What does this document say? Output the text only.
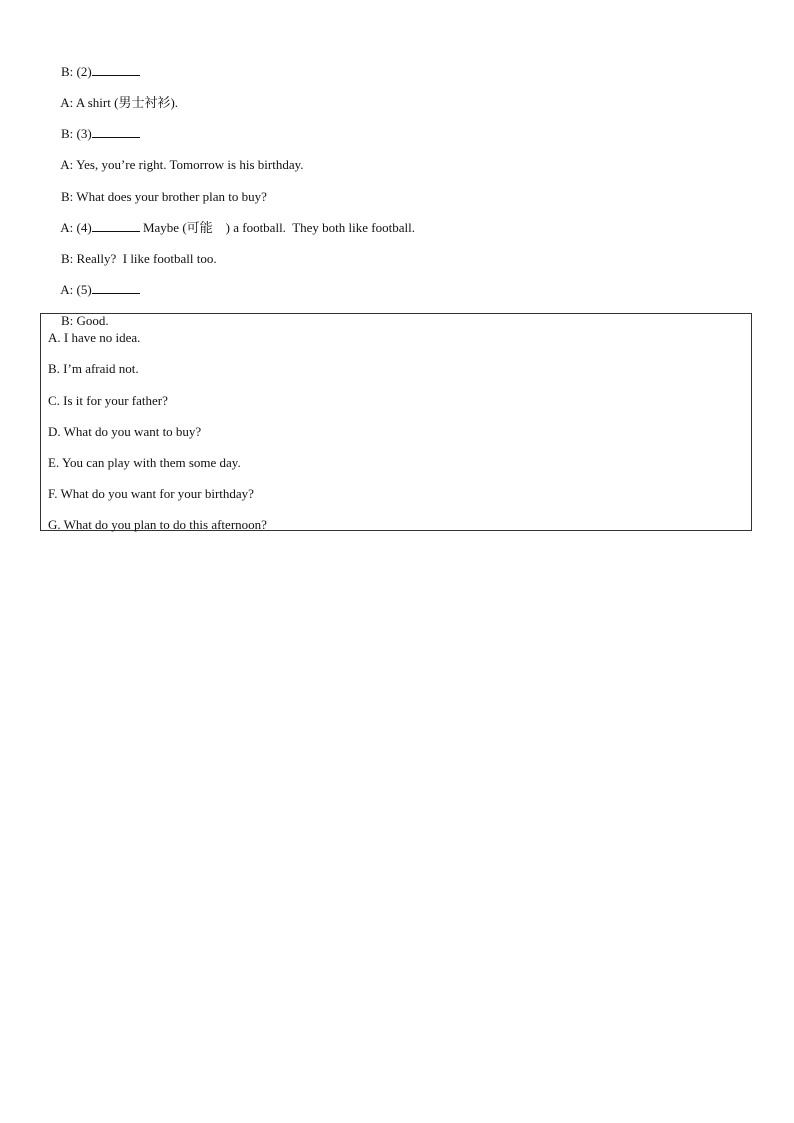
B: (2)

A: A shirt (男士衬衫).

B: (3)

A: Yes, you’re right. Tomorrow is his birthday.

B: What does your brother plan to buy?

A: (4)	Maybe (可能    ) a football.  They both like football.

B: Really?  I like football too.

A: (5)

B: Good.

A. I have no idea.
B. I’m afraid not.
C. Is it for your father?
D. What do you want to buy?
E. You can play with them some day.
F. What do you want for your birthday?
G. What do you plan to do this afternoon?
